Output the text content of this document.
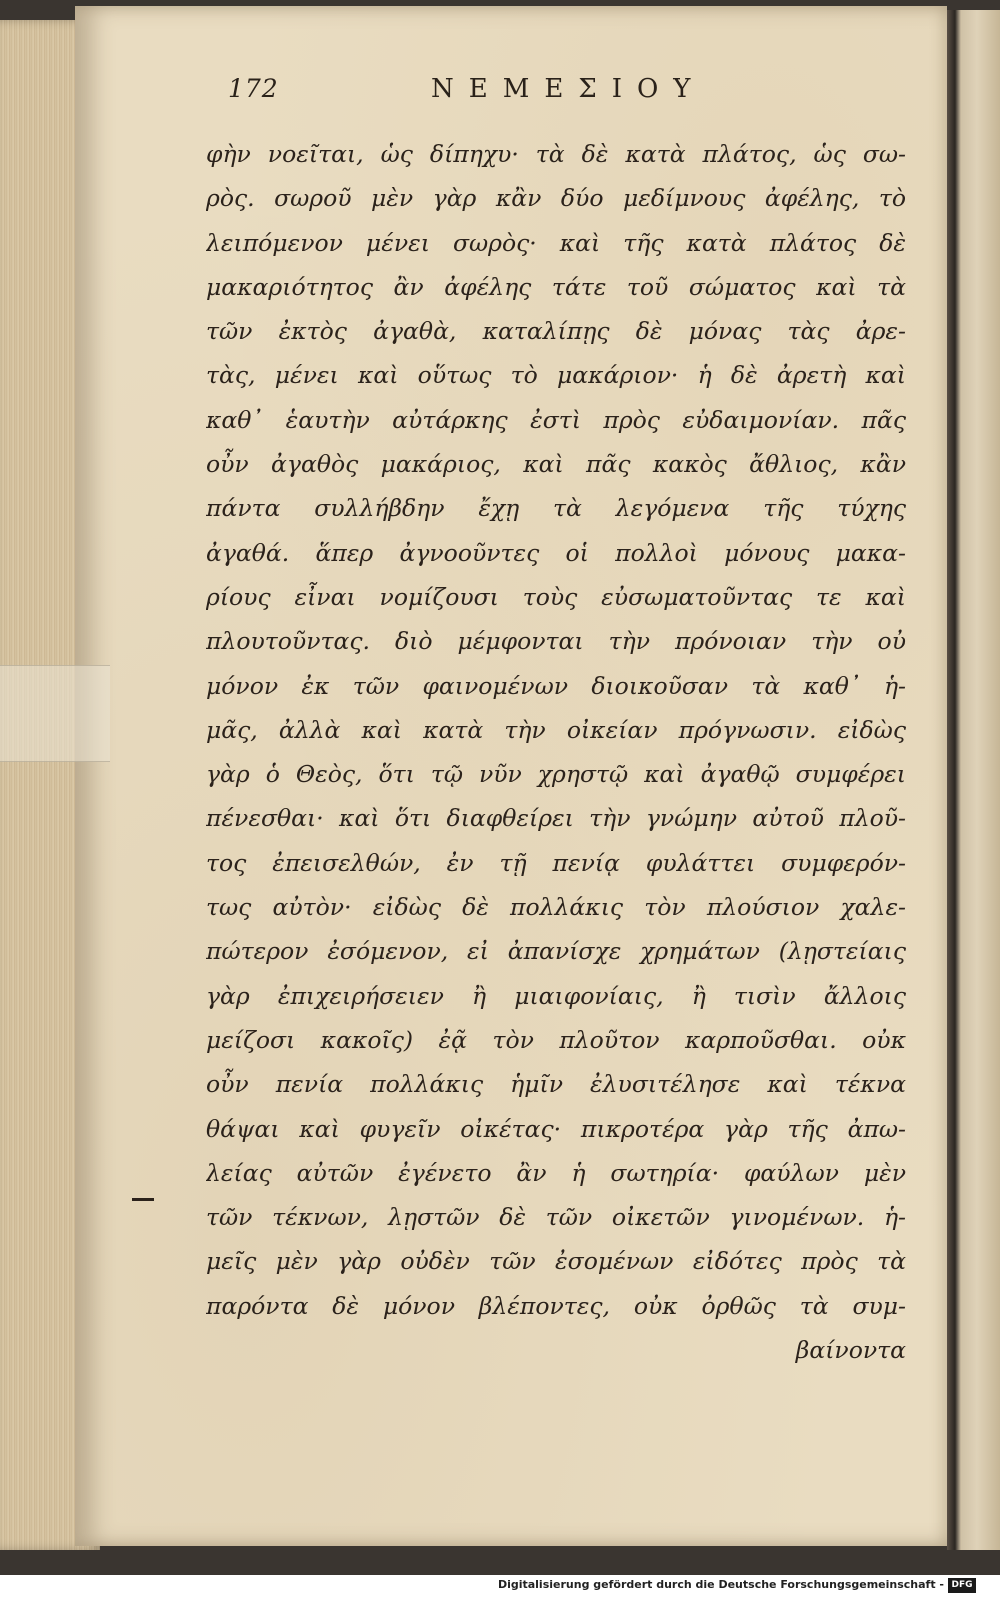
172	ΝΕΜΕΣΙΟΥ
φὴν νοεῖται, ὡς δίπηχυ· τὰ δὲ κατὰ πλάτος, ὡς σω-
ρὸς. σωροῦ μὲν γὰρ κἂν δύο μεδίμνους ἀφέλης, τὸ
λειπόμενον μένει σωρὸς· καὶ τῆς κατὰ πλάτος δὲ
μακαριότητος ἂν ἀφέλης τάτε τοῦ σώματος καὶ τὰ
τῶν ἐκτὸς ἀγαθὰ, καταλίπῃς δὲ μόνας τὰς ἀρε-
τὰς, μένει καὶ οὕτως τὸ μακάριον· ἡ δὲ ἀρετὴ καὶ
καθ᾽ ἑαυτὴν αὐτάρκης ἐστὶ πρὸς εὐδαιμονίαν. πᾶς
οὖν ἀγαθὸς μακάριος, καὶ πᾶς κακὸς ἄθλιος, κἂν
πάντα συλλήβδην ἔχῃ τὰ λεγόμενα τῆς τύχης
ἀγαθά. ἅπερ ἀγνοοῦντες οἱ πολλοὶ μόνους μακα-
ρίους εἶναι νομίζουσι τοὺς εὐσωματοῦντας τε καὶ
πλουτοῦντας. διὸ μέμφονται τὴν πρόνοιαν τὴν οὐ
μόνον ἐκ τῶν φαινομένων διοικοῦσαν τὰ καθ᾽ ἡ-
μᾶς, ἀλλὰ καὶ κατὰ τὴν οἰκείαν πρόγνωσιν. εἰδὼς
γὰρ ὁ Θεὸς, ὅτι τῷ νῦν χρηστῷ καὶ ἀγαθῷ συμφέρει
πένεσθαι· καὶ ὅτι διαφθείρει τὴν γνώμην αὐτοῦ πλοῦ-
τος ἐπεισελθών, ἐν τῇ πενίᾳ φυλάττει συμφερόν-
τως αὐτὸν· εἰδὼς δὲ πολλάκις τὸν πλούσιον χαλε-
πώτερον ἐσόμενον, εἰ ἀπανίσχε χρημάτων (λῃστείαις
γὰρ ἐπιχειρήσειεν ἢ μιαιφονίαις, ἢ τισὶν ἄλλοις
μείζοσι κακοῖς) ἐᾷ τὸν πλοῦτον καρποῦσθαι. οὐκ
οὖν πενία πολλάκις ἡμῖν ἐλυσιτέλησε καὶ τέκνα
θάψαι καὶ φυγεῖν οἰκέτας· πικροτέρα γὰρ τῆς ἀπω-
λείας αὐτῶν ἐγένετο ἂν ἡ σωτηρία· φαύλων μὲν
τῶν τέκνων, λῃστῶν δὲ τῶν οἰκετῶν γινομένων. ἡ-
μεῖς μὲν γὰρ οὐδὲν τῶν ἐσομένων εἰδότες πρὸς τὰ
παρόντα δὲ μόνον βλέποντες, οὐκ ὀρθῶς τὰ συμ-
βαίνοντα
Digitalisierung gefördert durch die Deutsche Forschungsgemeinschaft - DFG
